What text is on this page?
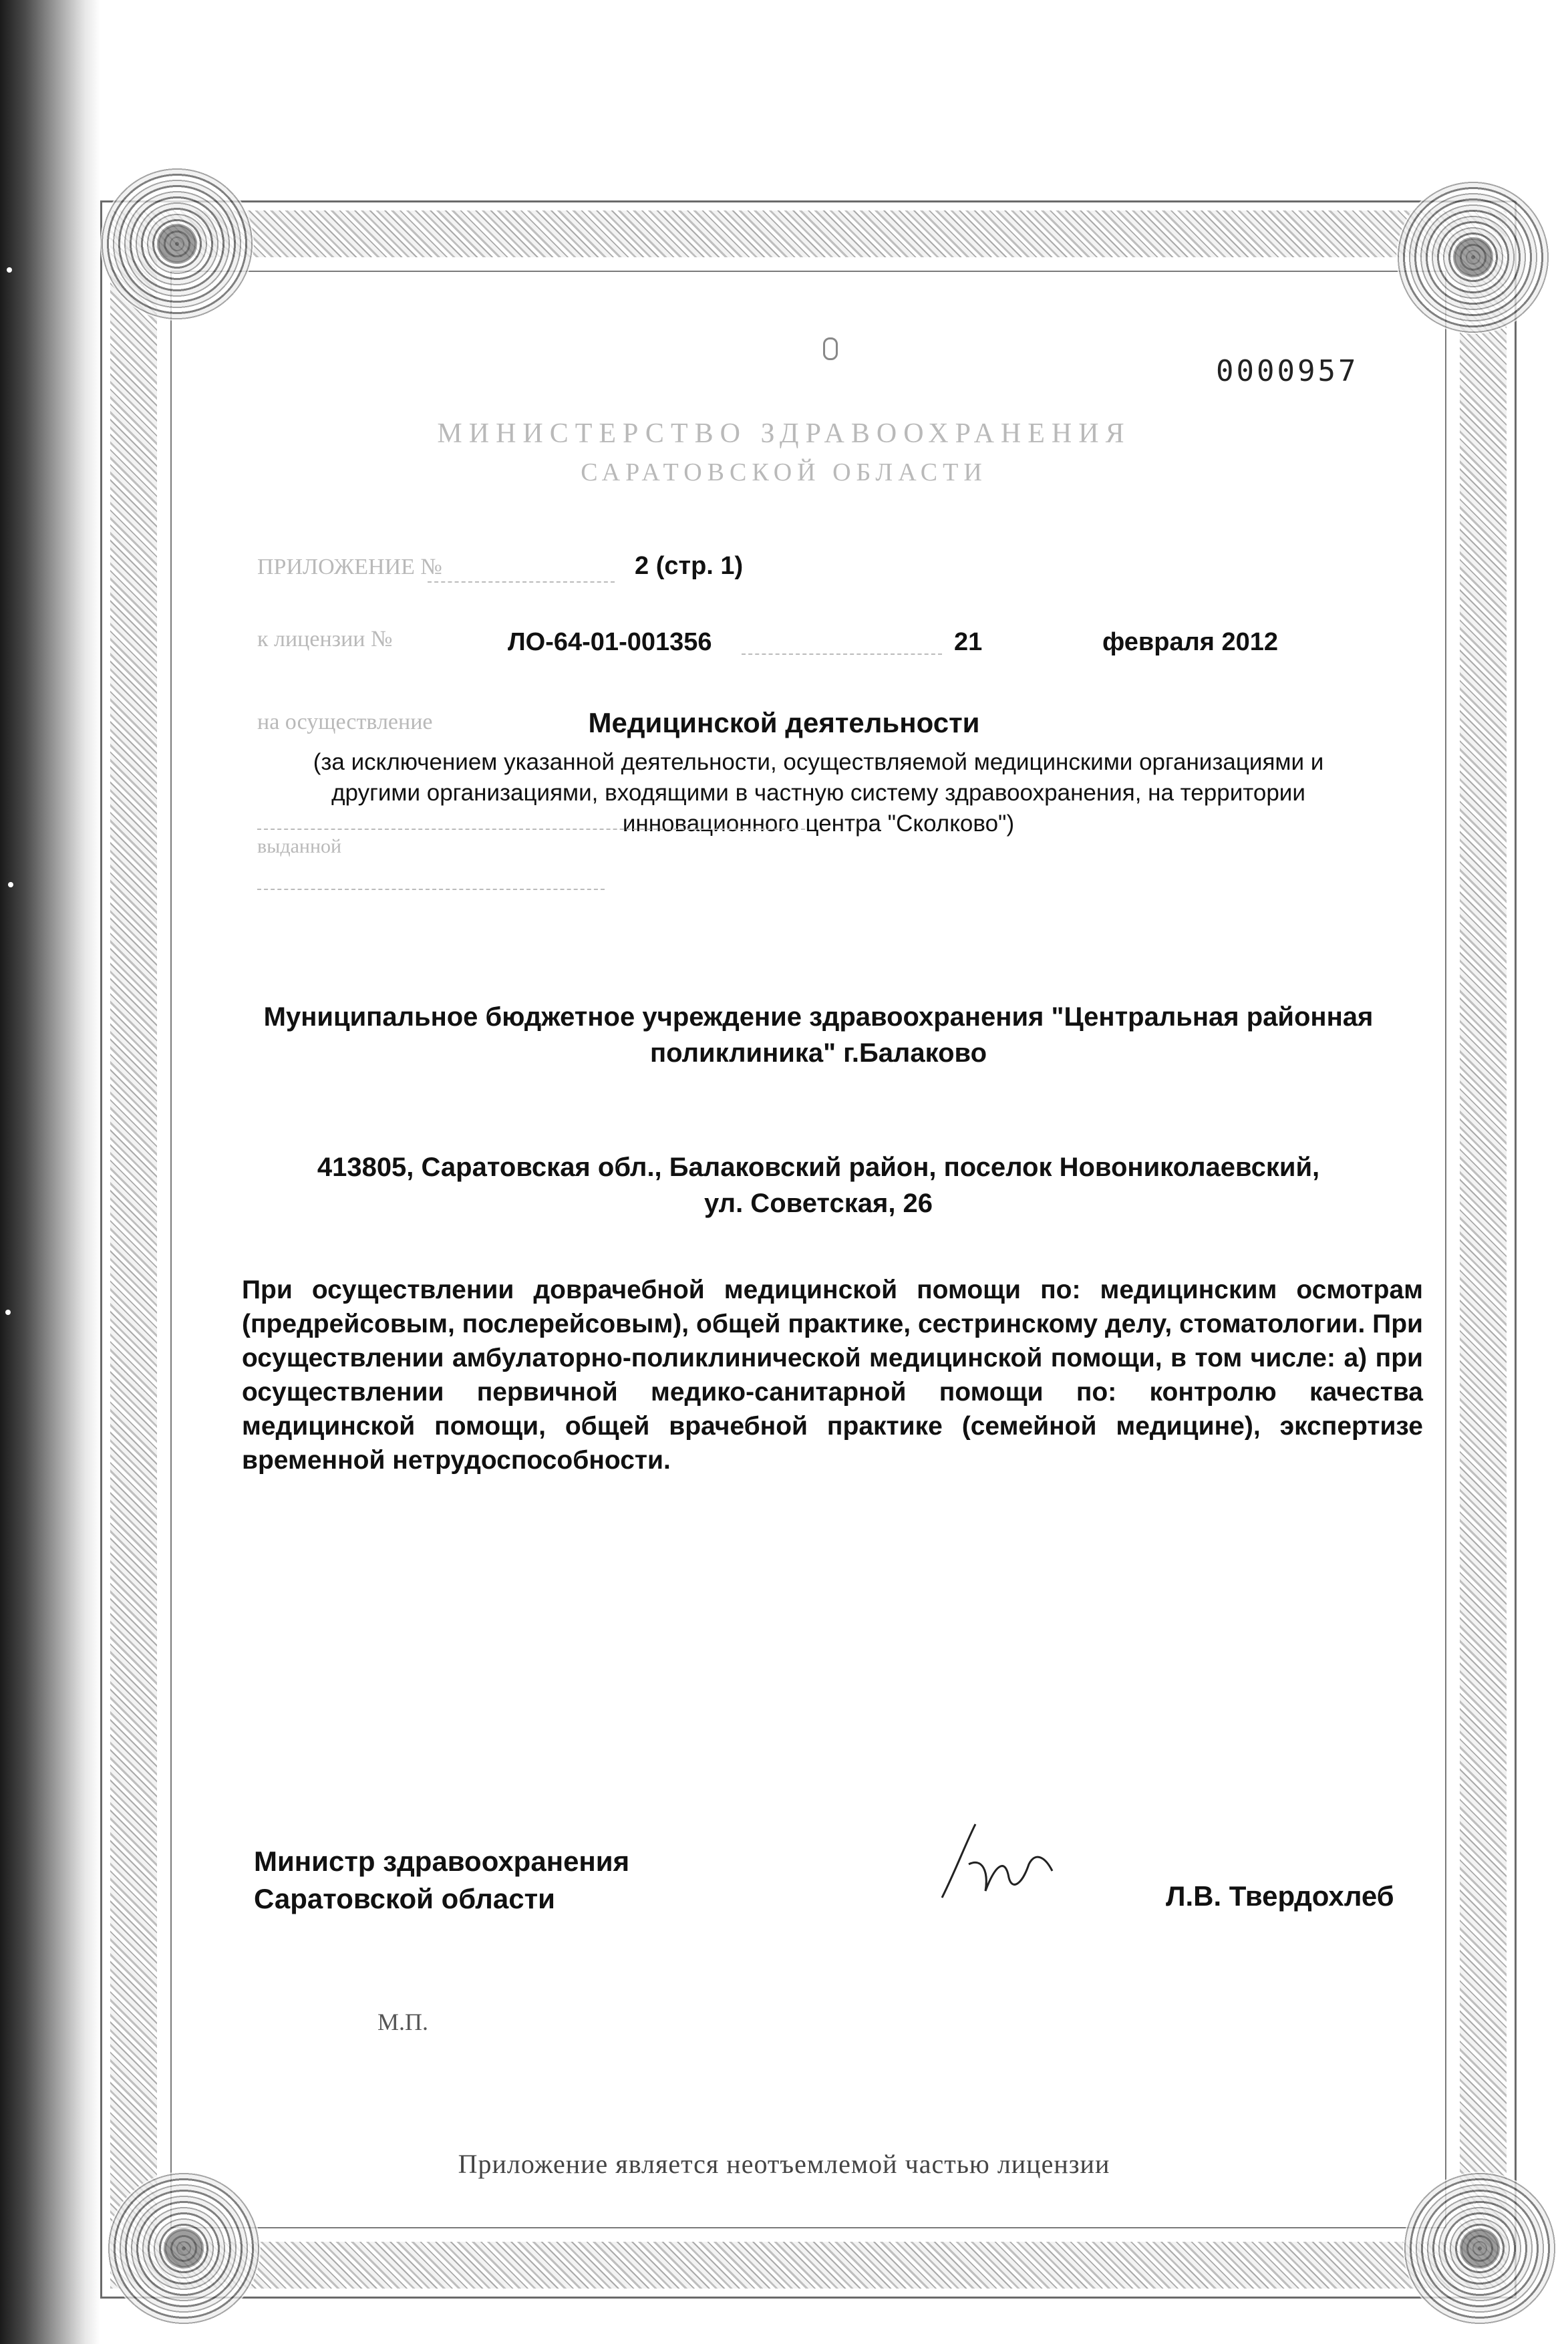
0000957
МИНИСТЕРСТВО ЗДРАВООХРАНЕНИЯ
САРАТОВСКОЙ ОБЛАСТИ
ПРИЛОЖЕНИЕ №	2 (стр. 1)
к лицензии №	ЛО-64-01-001356	21	февраля 2012
на осуществление	Медицинской деятельности
(за исключением указанной деятельности, осуществляемой медицинскими организациями и
другими организациями, входящими в частную систему здравоохранения, на территории
инновационного центра "Сколково")
выданной
Муниципальное бюджетное учреждение здравоохранения "Центральная районная
поликлиника" г.Балаково
413805, Саратовская обл., Балаковский район, поселок Новониколаевский,
ул. Советская, 26
При осуществлении доврачебной медицинской помощи по: медицинским осмотрам (предрейсовым, послерейсовым), общей практике, сестринскому делу, стоматологии. При осуществлении амбулаторно-поликлинической медицинской помощи, в том числе: а) при осуществлении первичной медико-санитарной помощи по: контролю качества медицинской помощи, общей врачебной практике (семейной медицине), экспертизе временной нетрудоспособности.
Министр здравоохранения
Саратовской области	Л.В. Твердохлеб
М.П.
Приложение является неотъемлемой частью лицензии
